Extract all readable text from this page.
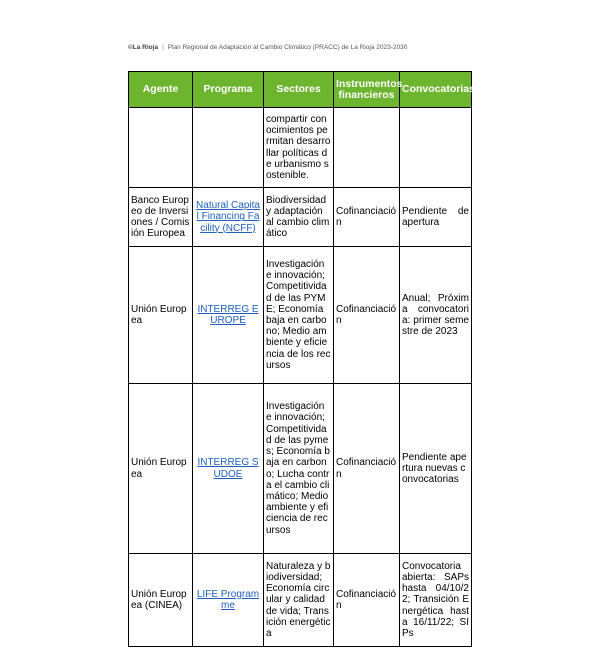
©La Rioja | Plan Regional de Adaptación al Cambio Climático (PRACC) de La Rioja 2023-2030
Agente	Programa	Sectores	Instrumentos financieros	Convocatorias
		compartir conocimientos permitan desarrollar políticas de urbanismo sostenible.		
Banco Europeo de Inversiones / Comisión Europea	Natural Capital Financing Facility (NCFF)	Biodiversidad y adaptación al cambio climático	Cofinanciación	Pendiente de apertura
Unión Europea	INTERREG EUROPE	Investigación e innovación; Competitividad de las PYME; Economía baja en carbono; Medio ambiente y eficiencia de los recursos	Cofinanciación	Anual; Próxima convocatoria: primer semestre de 2023
Unión Europea	INTERREG SUDOE	Investigación e innovación; Competitividad de las pymes; Economía baja en carbono; Lucha contra el cambio climático; Medio ambiente y eficiencia de recursos	Cofinanciación	Pendiente apertura nuevas convocatorias
Unión Europea (CINEA)	LIFE Programme	Naturaleza y biodiversidad; Economía circular y calidad de vida; Transición energética	Cofinanciación	Convocatoria abierta: SAPs hasta 04/10/22; Transición Energética hasta 16/11/22; SIPs
